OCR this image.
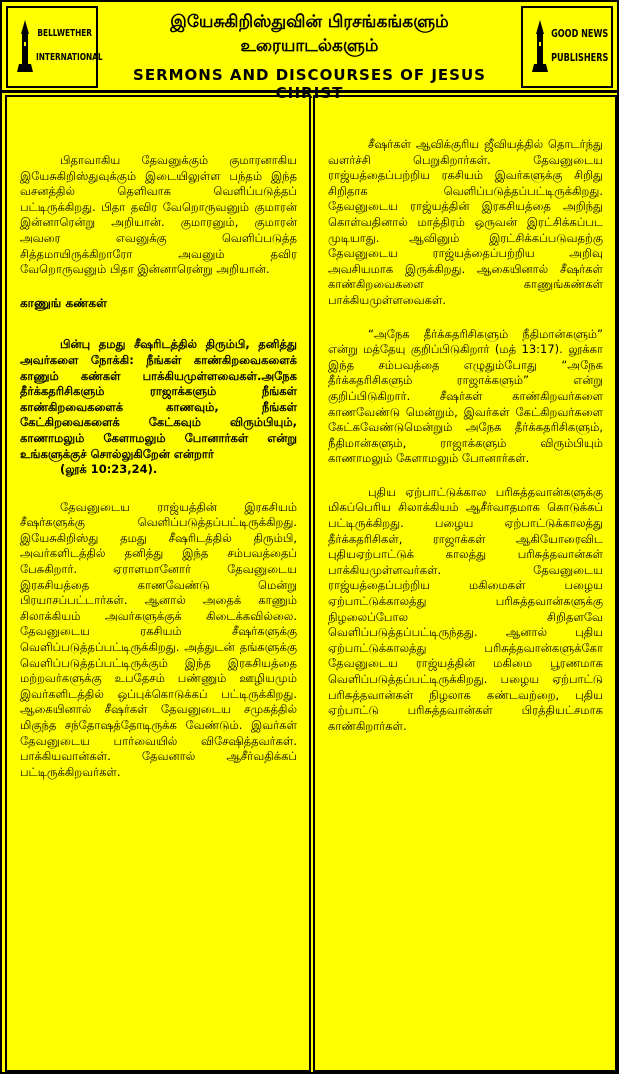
BELLWETHER
INTERNATIONAL
இயேசுகிறிஸ்துவின் பிரசங்கங்களும்
உரையாடல்களும்
SERMONS AND DISCOURSES OF JESUS CHRIST
GOOD NEWS
PUBLISHERS

பிதாவாகிய தேவனுக்கும் குமாரனாகிய இயேசுகிறிஸ்துவுக்கும் இடையிலுள்ள பந்தம் இந்த வசனத்தில் தெளிவாக வெளிப்படுத்தப் பட்டிருக்கிறது. பிதா தவிர வேறொருவனும் குமாரன் இன்னாரென்று அறியான். குமாரனும், குமாரன் அவரை எவனுக்கு வெளிப்படுத்த சித்தமாயிருக்கிறாரோ அவனும் தவிர வேறொருவனும் பிதா இன்னாரென்று அறியான்.

காணுங் கண்கள்

பின்பு தமது சீஷரிடத்தில் திரும்பி, தனித்து அவர்களை நோக்கி: நீங்கள் காண்கிறவைகளைக் காணும் கண்கள் பாக்கியமுள்ளவைகள்.அநேக தீர்க்கதரிசிகளும் ராஜாக்களும் நீங்கள் காண்கிறவைகளைக் காணவும், நீங்கள் கேட்கிறவைகளைக் கேட்கவும் விரும்பியும், காணாமலும் கேளாமலும் போனார்கள் என்று உங்களுக்குச் சொல்லுகிறேன் என்றார்
(லூக் 10:23,24).

தேவனுடைய ராஜ்யத்தின் இரகசியம் சீஷர்களுக்கு வெளிப்படுத்தப்பட்டிருக்கிறது. இயேசுகிறிஸ்து தமது சீஷரிடத்தில் திரும்பி, அவர்களிடத்தில் தனித்து இந்த சம்பவத்தைப் பேசுகிறார். ஏராளமானோர் தேவனுடைய இரகசியத்தை காணவேண்டு மென்று பிரயாசப்பட்டார்கள். ஆனால் அதைக் காணும் சிலாக்கியம் அவர்களுக்குக் கிடைக்கவில்லை. தேவனுடைய ரகசியம் சீஷர்களுக்கு வெளிப்படுத்தப்பட்டிருக்கிறது. அத்துடன் தங்களுக்கு வெளிப்படுத்தப்பட்டிருக்கும் இந்த இரகசியத்தை மற்றவர்களுக்கு உபதேசம் பண்ணும் ஊழியமும் இவர்களிடத்தில் ஒப்புக்கொடுக்கப் பட்டிருக்கிறது. ஆகையினால் சீஷர்கள் தேவனுடைய சமுகத்தில் மிகுந்த சந்தோஷத்தோடிருக்க வேண்டும். இவர்கள் தேவனுடைய பார்வையில் விசேஷித்தவர்கள். பாக்கியவான்கள். தேவனால் ஆசீர்வதிக்கப் பட்டிருக்கிறவர்கள்.

சீஷர்கள் ஆவிக்குரிய ஜீவியத்தில் தொடர்ந்து வளர்ச்சி பெறுகிறார்கள். தேவனுடைய ராஜ்யத்தைப்பற்றிய ரகசியம் இவர்களுக்கு சிறிது சிறிதாக வெளிப்படுத்தப்பட்டிருக்கிறது. தேவனுடைய ராஜ்யத்தின் இரகசியத்தை அறிந்து கொள்வதினால் மாத்திரம் ஒருவன் இரட்சிக்கப்பட முடியாது. ஆவினும் இரட்சிக்கப்படுவதற்கு தேவனுடைய ராஜ்யத்தைப்பற்றிய அறிவு அவசியமாக இருக்கிறது. ஆகையினால் சீஷர்கள் காண்கிறவைகளை காணுங்கண்கள் பாக்கியமுள்ளவைகள்.

“அநேக தீர்க்கதரிசிகளும் நீதிமான்களும்” என்று மத்தேயு குறிப்பிடுகிறார் (மத் 13:17). லூக்கா இந்த சம்பவத்தை எழுதும்போது “அநேக தீர்க்கதரிசிகளும் ராஜாக்களும்” என்று குறிப்பிடுகிறார். சீஷர்கள் காண்கிறவர்களை காணவேண்டு மென்றும், இவர்கள் கேட்கிறவர்களை கேட்கவேண்டுமென்றும் அநேக தீர்க்கதரிசிகளும், நீதிமான்களும், ராஜாக்களும் விரும்பியும் காணாமலும் கேளாமலும் போனார்கள்.

புதிய ஏற்பாட்டுக்கால பரிசுத்தவான்களுக்கு மிகப்பெரிய சிலாக்கியம் ஆசீர்வாதமாக கொடுக்கப் பட்டிருக்கிறது. பழைய ஏற்பாட்டுக்காலத்து தீர்க்கதரிசிகள், ராஜாக்கள் ஆகியோரைவிட புதியஏற்பாட்டுக் காலத்து பரிசுத்தவான்கள் பாக்கியமுள்ளவர்கள். தேவனுடைய ராஜ்யத்தைப்பற்றிய மகிமைகள் பழைய ஏற்பாட்டுக்காலத்து பரிசுத்தவான்களுக்கு நிழலைப்போல சிறிதளவே வெளிப்படுத்தப்பட்டிருந்தது. ஆனால் புதிய ஏற்பாட்டுக்காலத்து பரிசுத்தவான்களுக்கோ தேவனுடைய ராஜ்யத்தின் மகிமை பூரணமாக வெளிப்படுத்தப்பட்டிருக்கிறது. பழைய ஏற்பாட்டு பரிசுத்தவான்கள் நிழலாக கண்டவற்றை, புதிய ஏற்பாட்டு பரிசுத்தவான்கள் பிரத்தியட்சமாக காண்கிறார்கள்.
